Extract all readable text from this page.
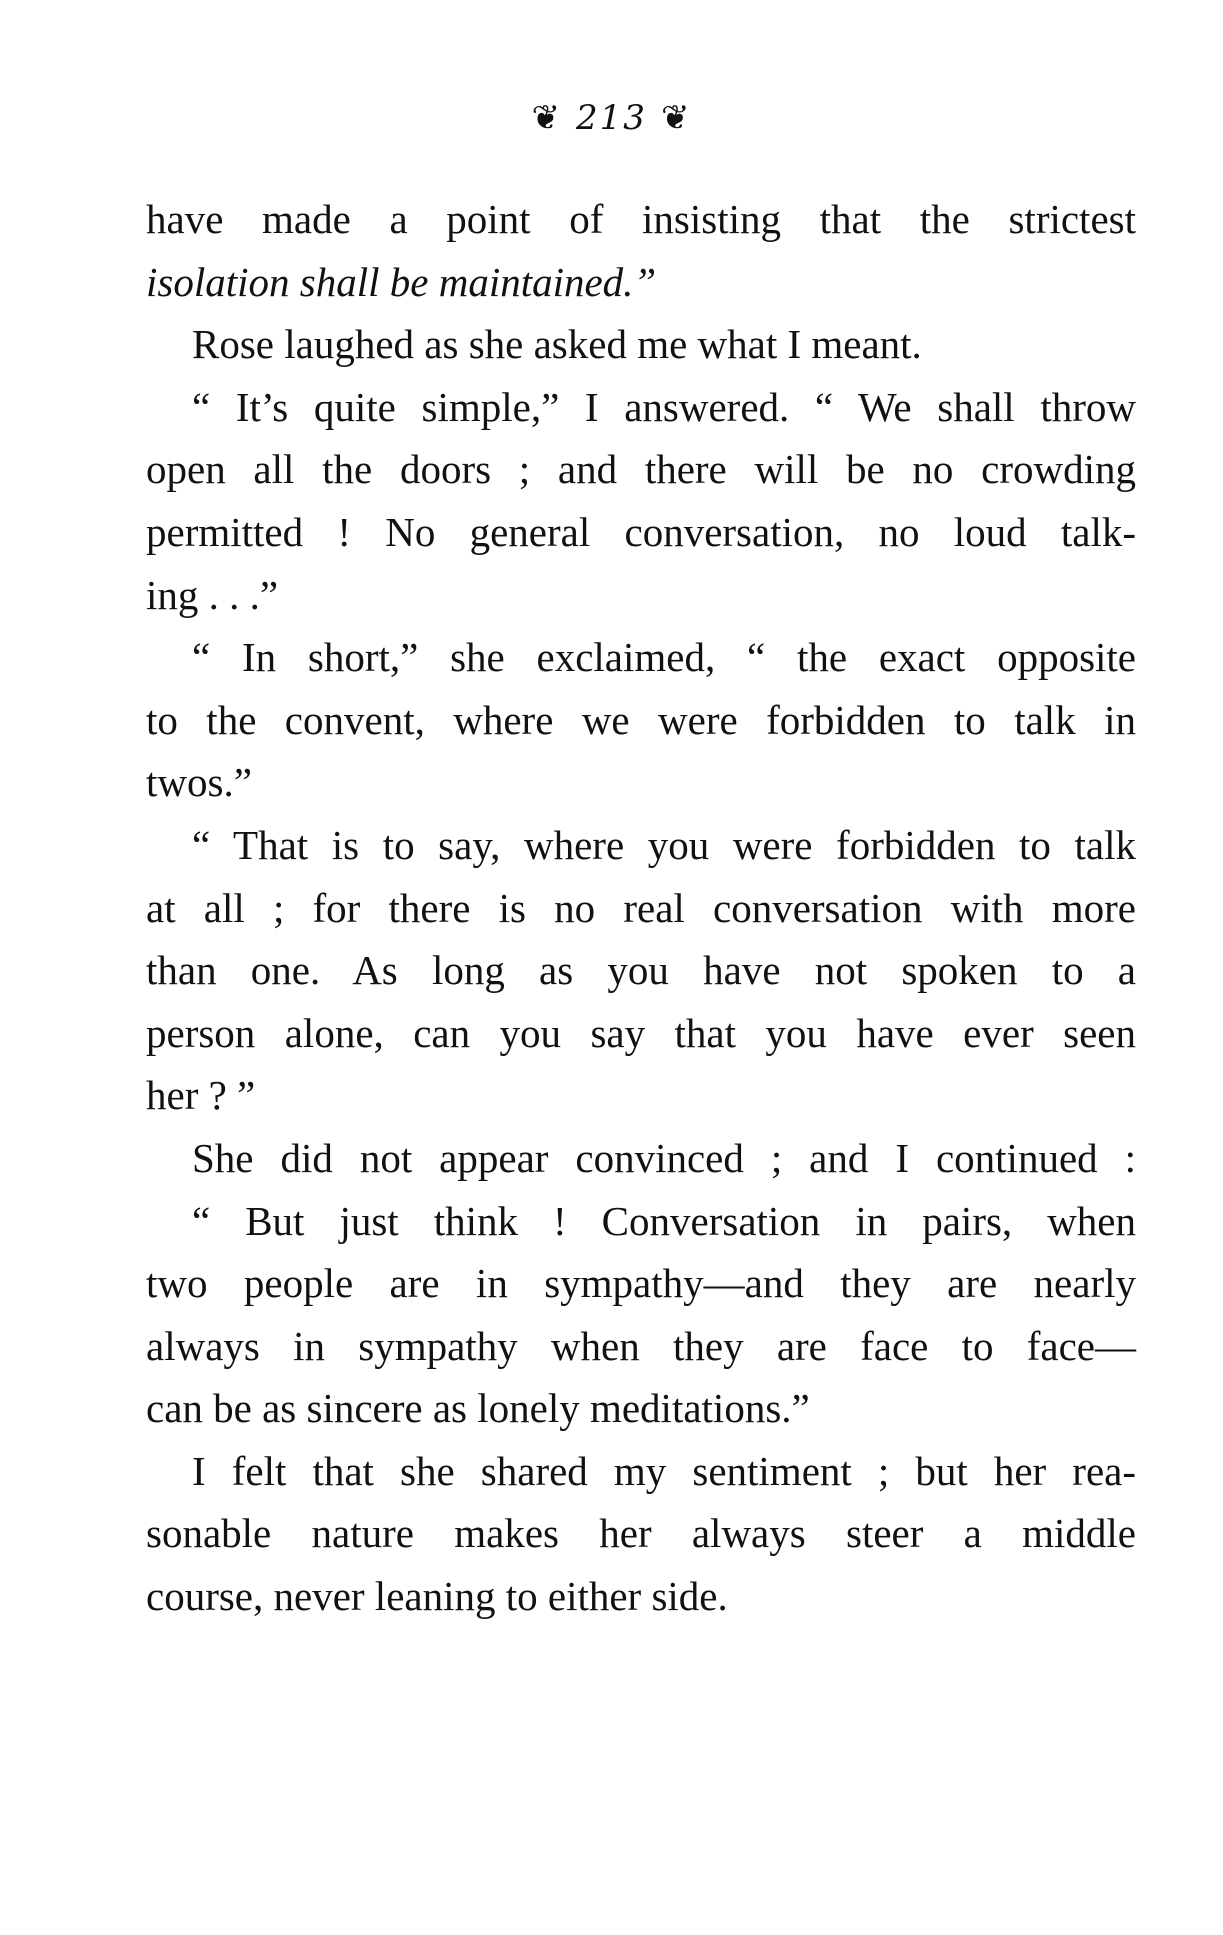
❦ 213 ❦
have made a point of insisting that the strictest
isolation shall be maintained.”
Rose laughed as she asked me what I meant.
“ It’s quite simple,” I answered. “ We shall throw
open all the doors ; and there will be no crowding
permitted ! No general conversation, no loud talk-
ing . . .”
“ In short,” she exclaimed, “ the exact opposite
to the convent, where we were forbidden to talk in
twos.”
“ That is to say, where you were forbidden to talk
at all ; for there is no real conversation with more
than one. As long as you have not spoken to a
person alone, can you say that you have ever seen
her ? ”
She did not appear convinced ; and I continued :
“ But just think ! Conversation in pairs, when
two people are in sympathy—and they are nearly
always in sympathy when they are face to face—
can be as sincere as lonely meditations.”
I felt that she shared my sentiment ; but her rea-
sonable nature makes her always steer a middle
course, never leaning to either side.
